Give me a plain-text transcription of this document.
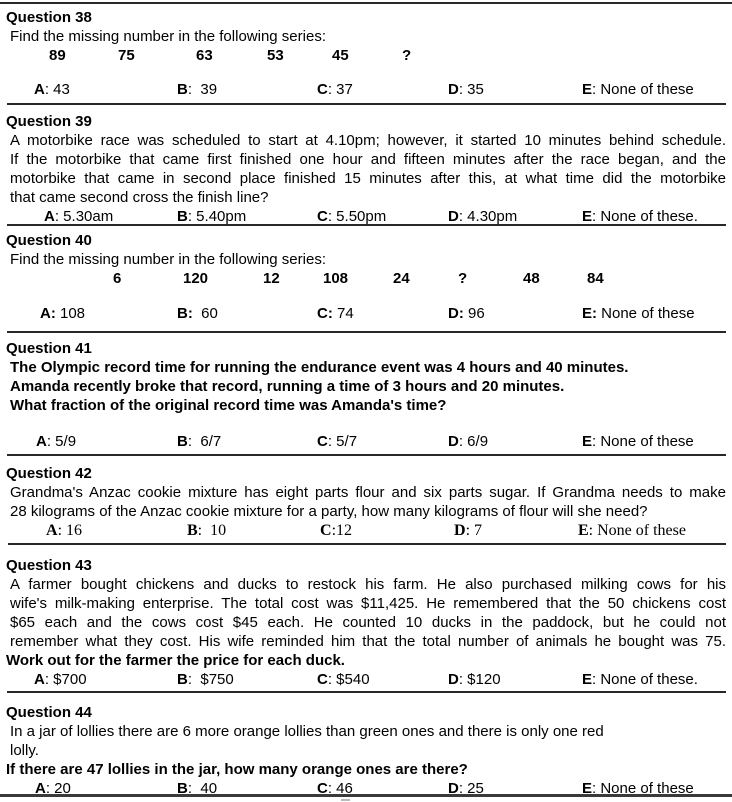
Question 38
Find the missing number in the following series:
89	75	63	53	45	?
A: 43	B:  39	C: 37	D: 35	E: None of these
Question 39
A motorbike race was scheduled to start at 4.10pm; however, it started 10 minutes behind schedule.
If the motorbike that came first finished one hour and fifteen minutes after the race began, and the
motorbike that came in second place finished 15 minutes after this, at what time did the motorbike
that came second cross the finish line?
A: 5.30am	B: 5.40pm	C: 5.50pm	D: 4.30pm	E: None of these.
Question 40
Find the missing number in the following series:
6	120	12	108	24	?	48	84
A: 108	B:  60	C: 74	D: 96	E: None of these
Question 41
The Olympic record time for running the endurance event was 4 hours and 40 minutes.
Amanda recently broke that record, running a time of 3 hours and 20 minutes.
What fraction of the original record time was Amanda's time?
A: 5/9	B:  6/7	C: 5/7	D: 6/9	E: None of these
Question 42
Grandma's Anzac cookie mixture has eight parts flour and six parts sugar. If Grandma needs to make
28 kilograms of the Anzac cookie mixture for a party, how many kilograms of flour will she need?
A: 16	B:  10	C:12	D: 7	E: None of these
Question 43
A farmer bought chickens and ducks to restock his farm. He also purchased milking cows for his
wife's milk-making enterprise. The total cost was $11,425. He remembered that the 50 chickens cost
$65 each and the cows cost $45 each. He counted 10 ducks in the paddock, but he could not
remember what they cost. His wife reminded him that the total number of animals he bought was 75.
Work out for the farmer the price for each duck.
A: $700	B:  $750	C: $540	D: $120	E: None of these.
Question 44
In a jar of lollies there are 6 more orange lollies than green ones and there is only one red
lolly.
If there are 47 lollies in the jar, how many orange ones are there?
A: 20	B:  40	C: 46	D: 25	E: None of these
